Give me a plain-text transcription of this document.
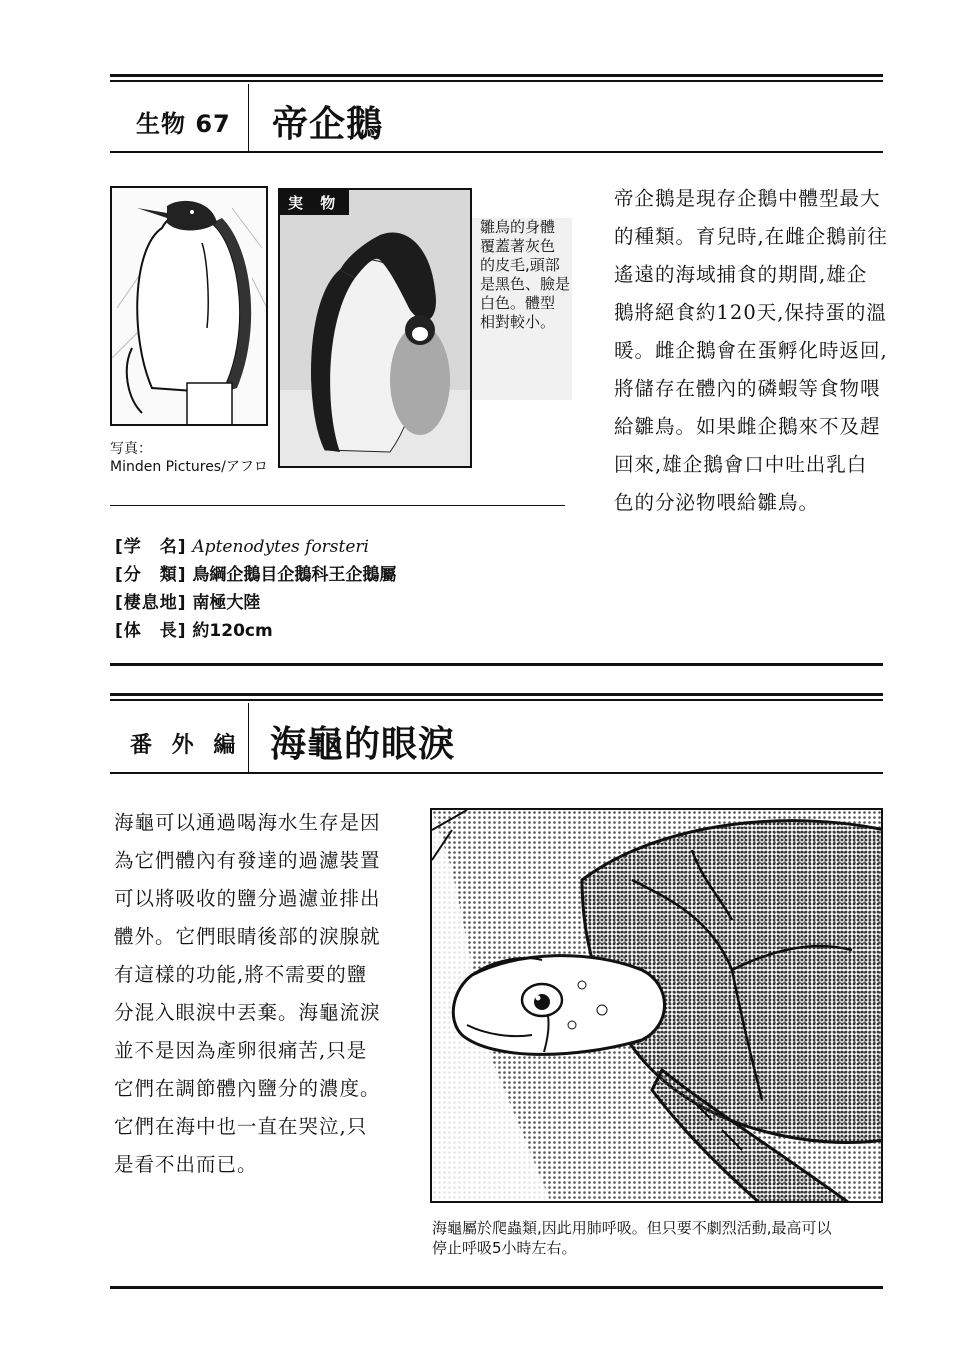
生物 67 帝企鵝
写真：
Minden Pictures/アフロ
実 物
雛鳥的身體
覆蓋著灰色
的皮毛,頭部
是黑色、臉是
白色。體型
相對較小。
帝企鵝是現存企鵝中體型最大
的種類。育兒時,在雌企鵝前往
遙遠的海域捕食的期間,雄企
鵝將絕食約120天,保持蛋的溫
暖。雌企鵝會在蛋孵化時返回,
將儲存在體內的磷蝦等食物喂
給雛鳥。如果雌企鵝來不及趕
回來,雄企鵝會口中吐出乳白
色的分泌物喂給雛鳥。
[学　名] Aptenodytes forsteri
[分　類] 鳥綱企鵝目企鵝科王企鵝屬
[棲息地] 南極大陸
[体　長] 約120cm
番 外 編 海龜的眼淚
海龜可以通過喝海水生存是因
為它們體內有發達的過濾裝置
可以將吸收的鹽分過濾並排出
體外。它們眼睛後部的淚腺就
有這樣的功能,將不需要的鹽
分混入眼淚中丟棄。海龜流淚
並不是因為產卵很痛苦,只是
它們在調節體內鹽分的濃度。
它們在海中也一直在哭泣,只
是看不出而已。
海龜屬於爬蟲類,因此用肺呼吸。但只要不劇烈活動,最高可以
停止呼吸5小時左右。
